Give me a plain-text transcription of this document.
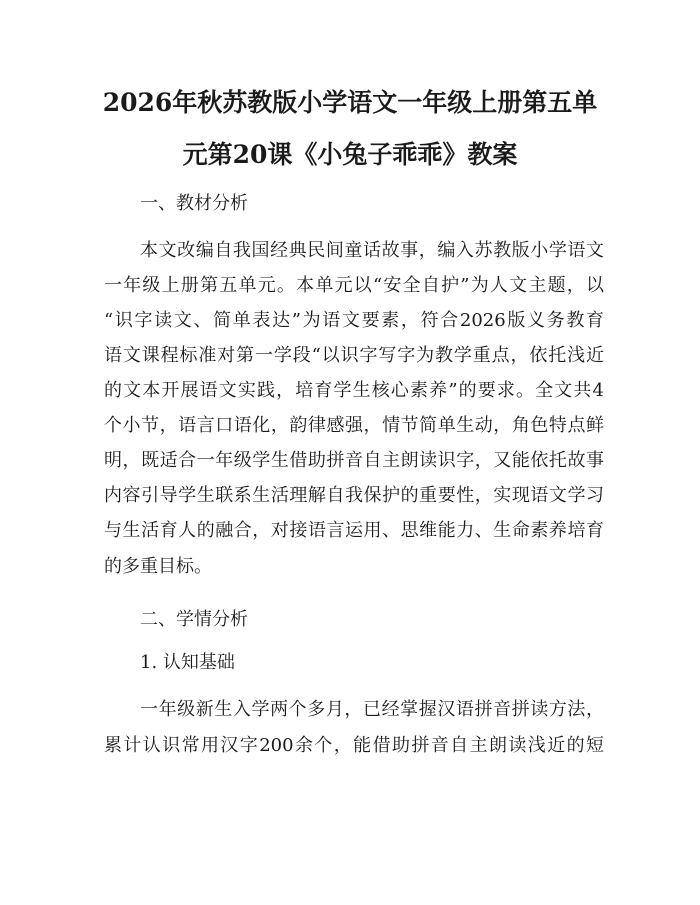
2026年秋苏教版小学语文一年级上册第五单
元第20课《小兔子乖乖》教案

一、教材分析

本文改编自我国经典民间童话故事，编入苏教版小学语文

一年级上册第五单元。本单元以“安全自护”为人文主题，以

“识字读文、简单表达”为语文要素，符合2026版义务教育

语文课程标准对第一学段“以识字写字为教学重点，依托浅近

的文本开展语文实践，培育学生核心素养”的要求。全文共4

个小节，语言口语化，韵律感强，情节简单生动，角色特点鲜

明，既适合一年级学生借助拼音自主朗读识字，又能依托故事

内容引导学生联系生活理解自我保护的重要性，实现语文学习

与生活育人的融合，对接语言运用、思维能力、生命素养培育

的多重目标。

二、学情分析

1. 认知基础

一年级新生入学两个多月，已经掌握汉语拼音拼读方法，

累计认识常用汉字200余个，能借助拼音自主朗读浅近的短
